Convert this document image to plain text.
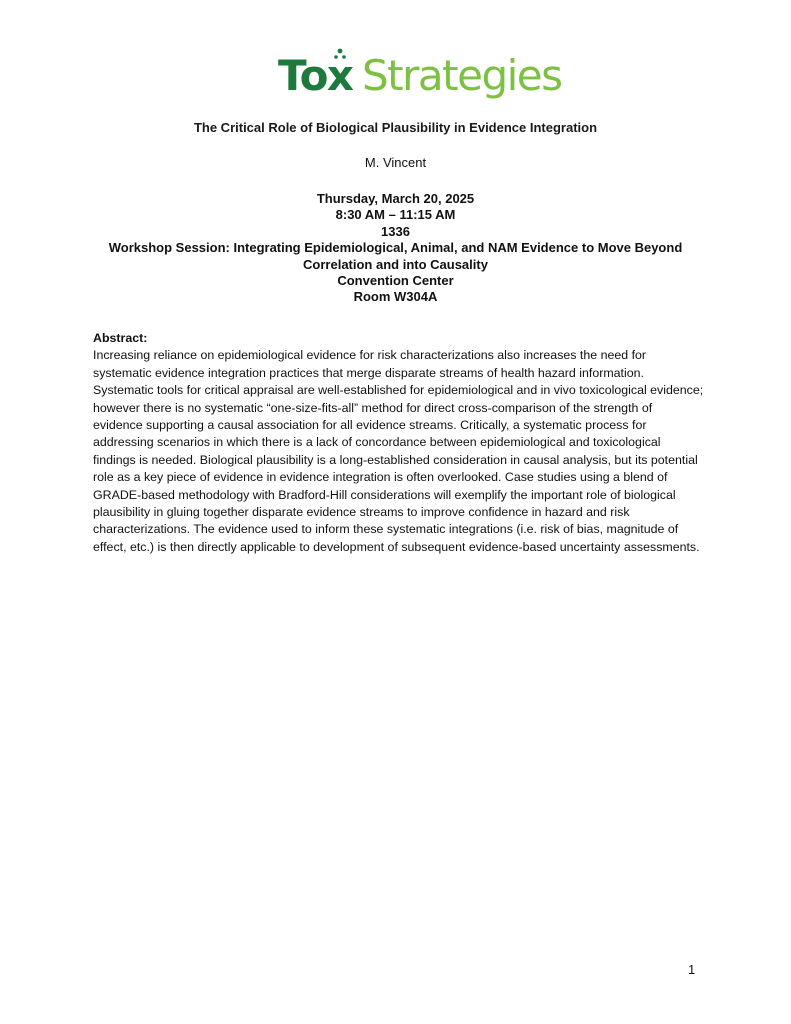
Tox Strategies
The Critical Role of Biological Plausibility in Evidence Integration
M. Vincent
Thursday, March 20, 2025
8:30 AM – 11:15 AM
1336
Workshop Session: Integrating Epidemiological, Animal, and NAM Evidence to Move Beyond Correlation and into Causality
Convention Center
Room W304A
Abstract:
Increasing reliance on epidemiological evidence for risk characterizations also increases the need for systematic evidence integration practices that merge disparate streams of health hazard information. Systematic tools for critical appraisal are well-established for epidemiological and in vivo toxicological evidence; however there is no systematic “one-size-fits-all” method for direct cross-comparison of the strength of evidence supporting a causal association for all evidence streams. Critically, a systematic process for addressing scenarios in which there is a lack of concordance between epidemiological and toxicological findings is needed. Biological plausibility is a long-established consideration in causal analysis, but its potential role as a key piece of evidence in evidence integration is often overlooked. Case studies using a blend of GRADE-based methodology with Bradford-Hill considerations will exemplify the important role of biological plausibility in gluing together disparate evidence streams to improve confidence in hazard and risk characterizations. The evidence used to inform these systematic integrations (i.e. risk of bias, magnitude of effect, etc.) is then directly applicable to development of subsequent evidence-based uncertainty assessments.
1
